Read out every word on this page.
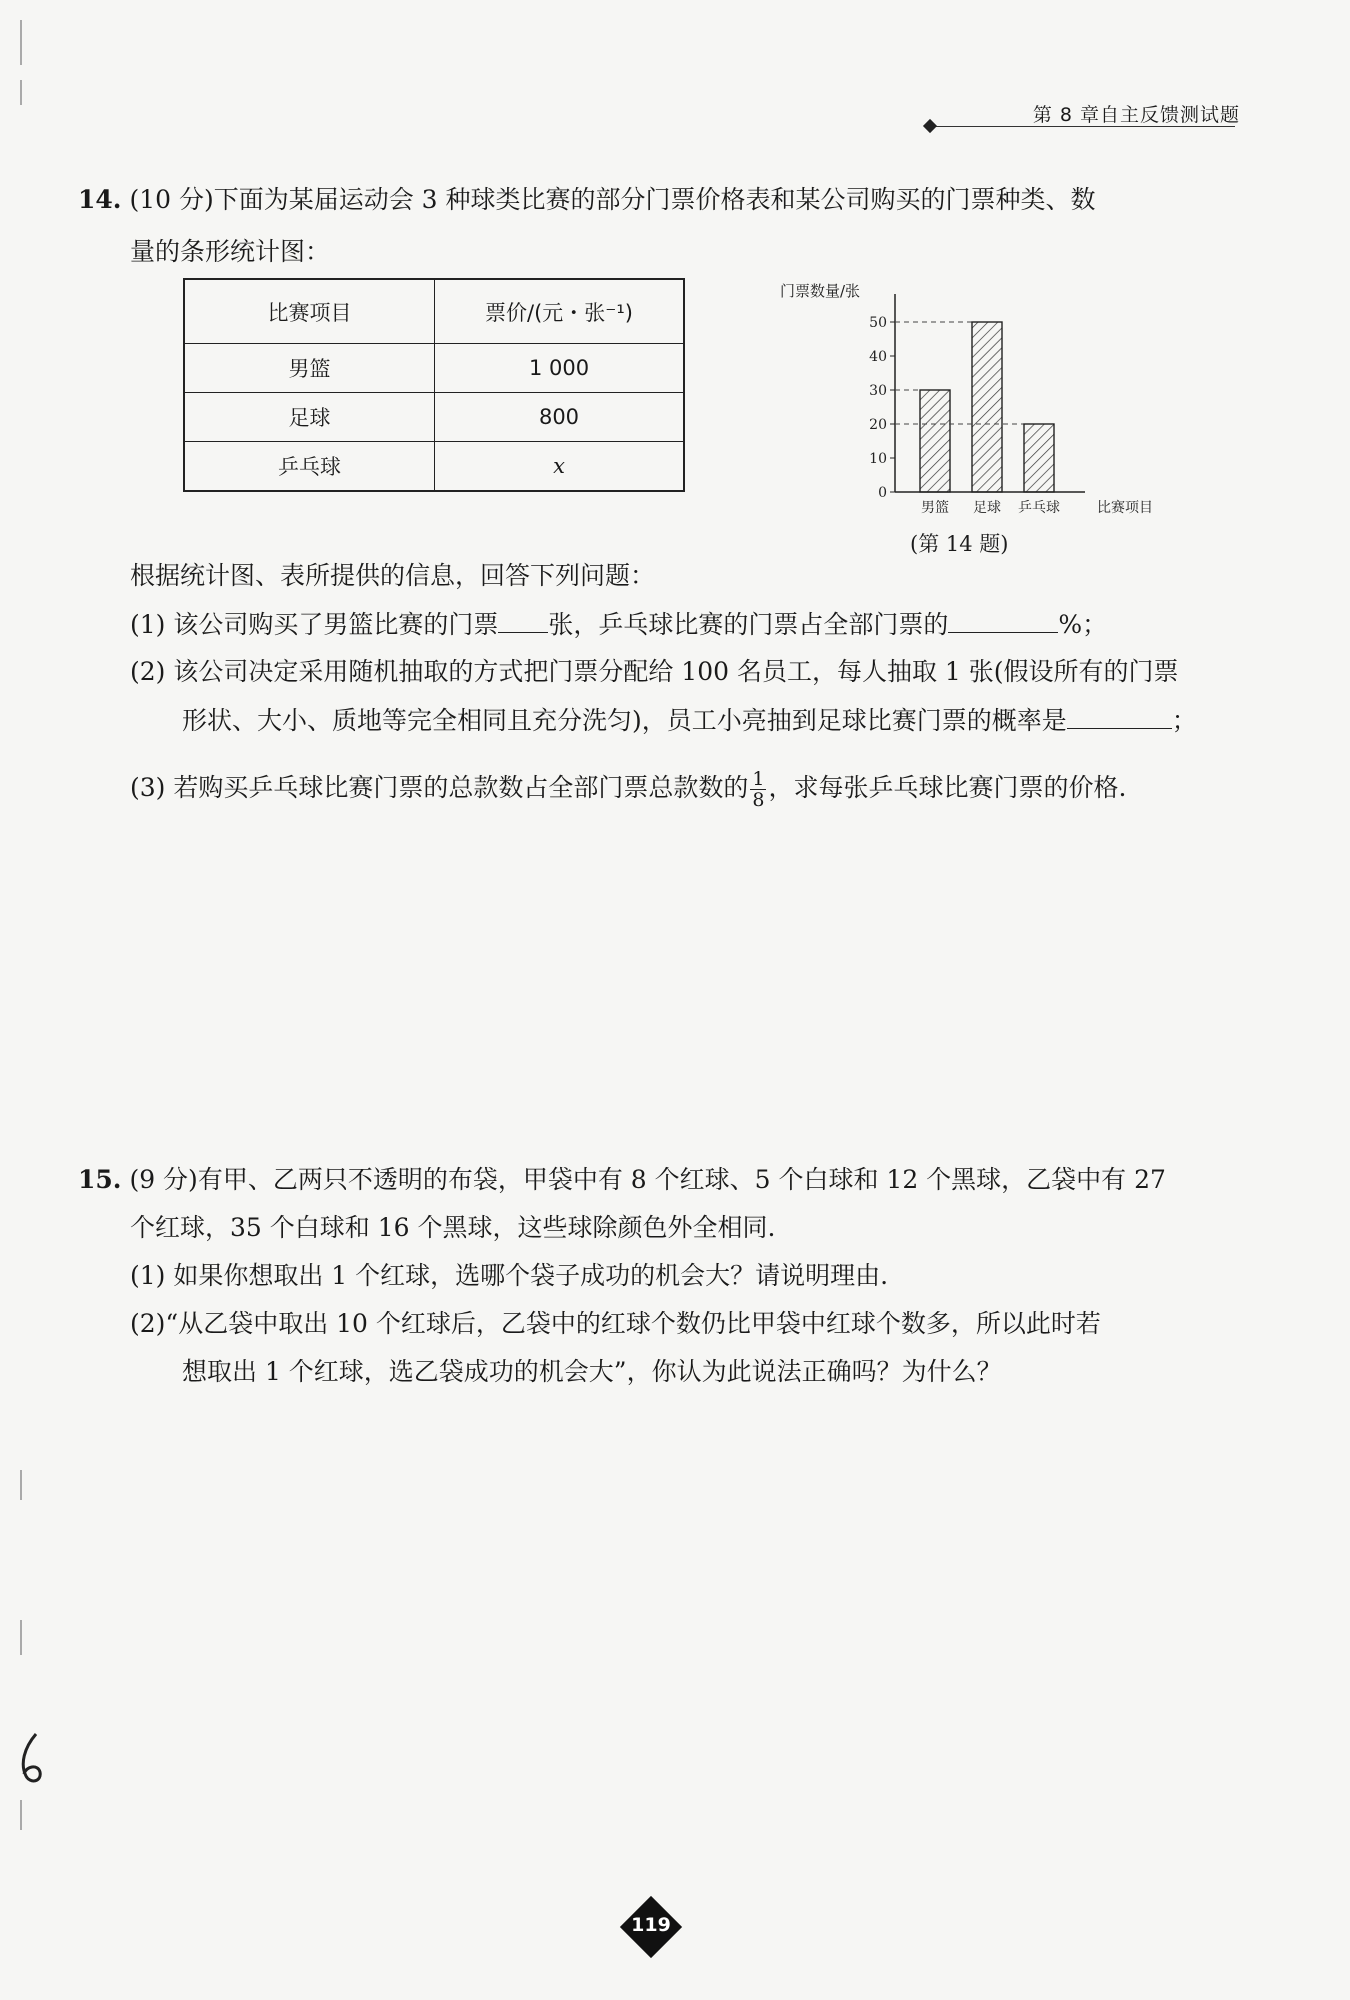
第 8 章自主反馈测试题
14. (10 分)下面为某届运动会 3 种球类比赛的部分门票价格表和某公司购买的门票种类、数
量的条形统计图：
比赛项目	票价/(元・张⁻¹)
男篮	1 000
足球	800
乒乓球	x
门票数量/张
0
10
20
30
40
50
男篮 足球 乒乓球	比赛项目
(第 14 题)
根据统计图、表所提供的信息，回答下列问题：
(1) 该公司购买了男篮比赛的门票 张，乒乓球比赛的门票占全部门票的	%；
(2) 该公司决定采用随机抽取的方式把门票分配给 100 名员工，每人抽取 1 张(假设所有的门票
形状、大小、质地等完全相同且充分洗匀)，员工小亮抽到足球比赛门票的概率是	；
(3) 若购买乒乓球比赛门票的总款数占全部门票总款数的 $\frac{1}{8}$ ，求每张乒乓球比赛门票的价格.
15. (9 分)有甲、乙两只不透明的布袋，甲袋中有 8 个红球、5 个白球和 12 个黑球，乙袋中有 27
个红球，35 个白球和 16 个黑球，这些球除颜色外全相同.
(1) 如果你想取出 1 个红球，选哪个袋子成功的机会大？请说明理由.
(2)“从乙袋中取出 10 个红球后，乙袋中的红球个数仍比甲袋中红球个数多，所以此时若
想取出 1 个红球，选乙袋成功的机会大”，你认为此说法正确吗？为什么？
119
